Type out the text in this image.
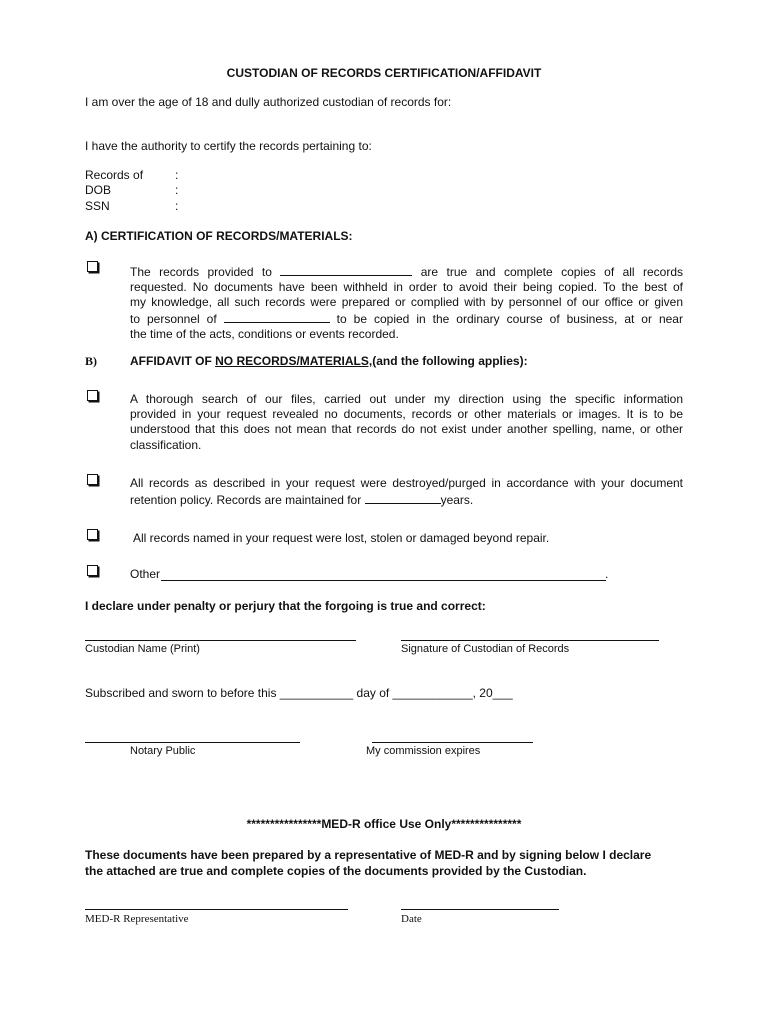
CUSTODIAN OF RECORDS CERTIFICATION/AFFIDAVIT
I am over the age of 18 and dully authorized custodian of records for:
I have the authority to certify the records pertaining to:
Records of	:
DOB	:
SSN	:
A) CERTIFICATION OF RECORDS/MATERIALS:
The records provided to	are true and complete copies of all records
requested. No documents have been withheld in order to avoid their being copied. To the best of
my knowledge, all such records were prepared or complied with by personnel of our office or given
to personnel of	to be copied in the ordinary course of business, at or near
the time of the acts, conditions or events recorded.
B)	AFFIDAVIT OF NO RECORDS/MATERIALS,(and the following applies):
A thorough search of our files, carried out under my direction using the specific information
provided in your request revealed no documents, records or other materials or images. It is to be
understood that this does not mean that records do not exist under another spelling, name, or other
classification.
All records as described in your request were destroyed/purged in accordance with your document
retention policy. Records are maintained for	years.
All records named in your request were lost, stolen or damaged beyond repair.
Other	.
I declare under penalty or perjury that the forgoing is true and correct:
Custodian Name (Print)	Signature of Custodian of Records
Subscribed and sworn to before this ___________ day of ____________, 20___
Notary Public	My commission expires
****************MED-R office Use Only***************
These documents have been prepared by a representative of MED-R and by signing below I declare
the attached are true and complete copies of the documents provided by the Custodian.
MED-R Representative	Date
